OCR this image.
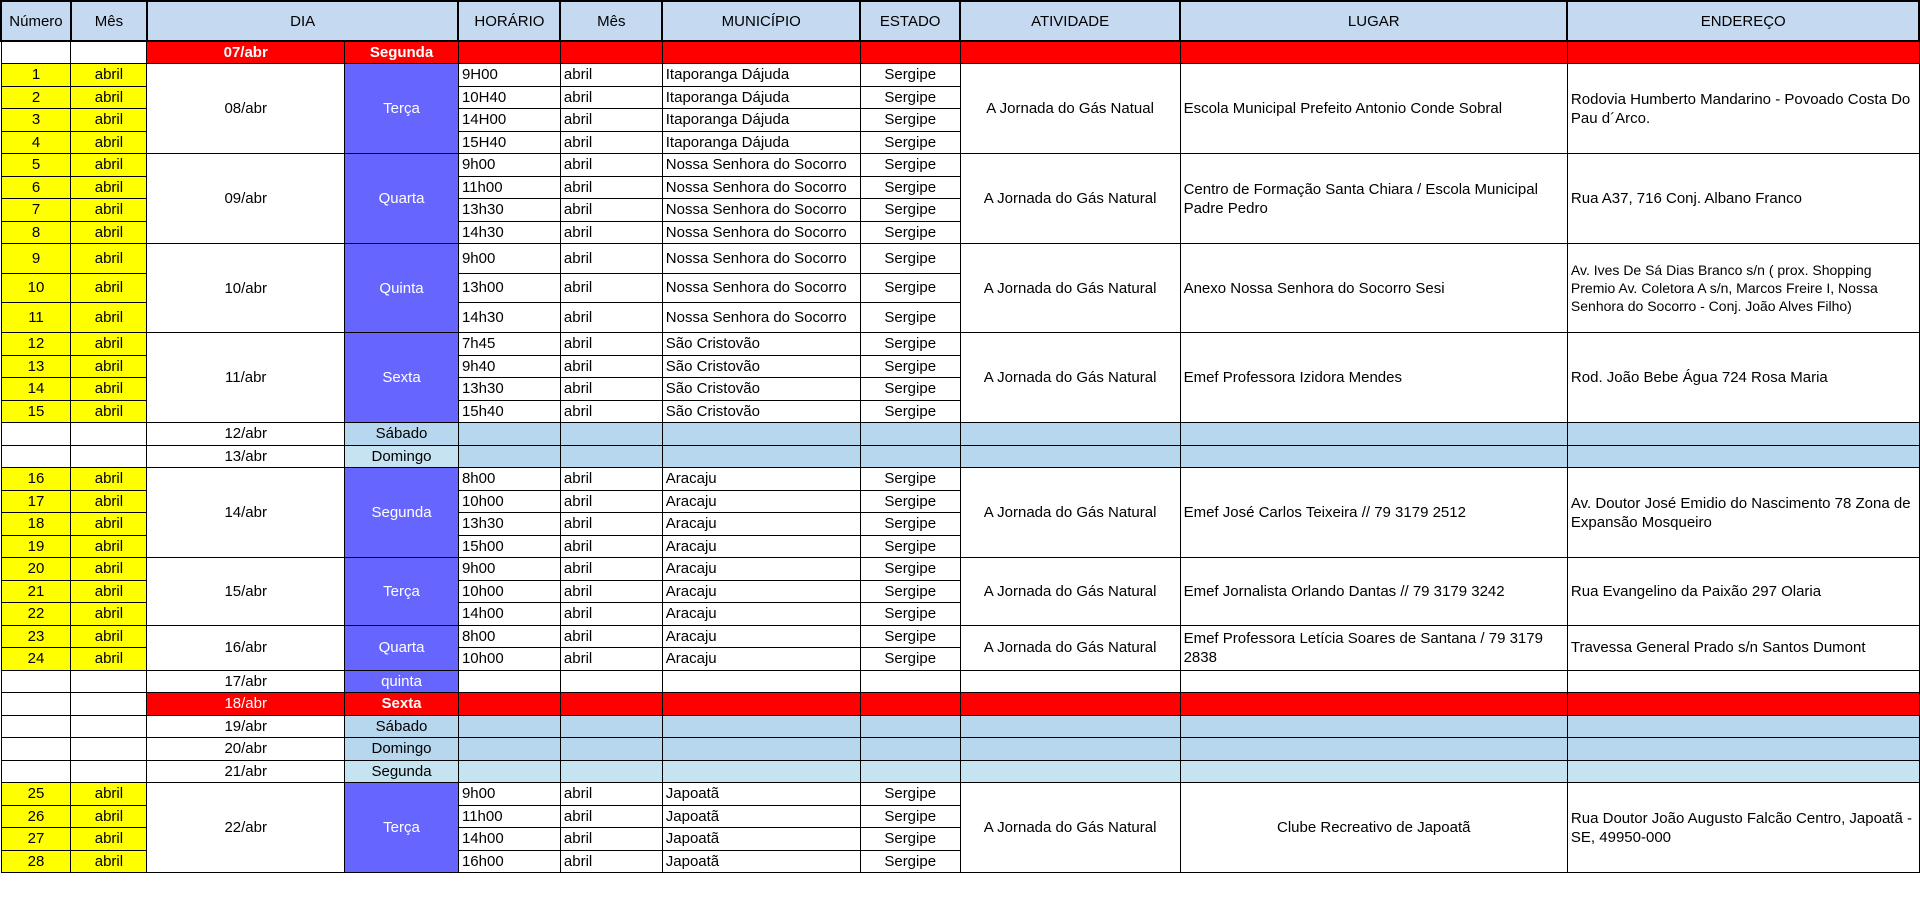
Número	Mês	DIA		HORÁRIO	Mês	MUNICÍPIO	ESTADO	ATIVIDADE	LUGAR	ENDEREÇO
		07/abr	Segunda							
1	abril	08/abr	Terça	9H00	abril	Itaporanga Dájuda	Sergipe	A Jornada do Gás Natual	Escola Municipal Prefeito Antonio Conde Sobral	Rodovia Humberto Mandarino - Povoado Costa Do Pau d´Arco.
2	abril			10H40	abril	Itaporanga Dájuda	Sergipe			
3	abril			14H00	abril	Itaporanga Dájuda	Sergipe			
4	abril			15H40	abril	Itaporanga Dájuda	Sergipe			
5	abril	09/abr	Quarta	9h00	abril	Nossa Senhora do Socorro	Sergipe	A Jornada do Gás Natural	Centro de Formação Santa Chiara / Escola Municipal Padre Pedro	Rua A37, 716 Conj. Albano Franco
6	abril			11h00	abril	Nossa Senhora do Socorro	Sergipe			
7	abril			13h30	abril	Nossa Senhora do Socorro	Sergipe			
8	abril			14h30	abril	Nossa Senhora do Socorro	Sergipe			
9	abril	10/abr	Quinta	9h00	abril	Nossa Senhora do Socorro	Sergipe	A Jornada do Gás Natural	Anexo Nossa Senhora do Socorro Sesi	Av. Ives De Sá Dias Branco s/n ( prox. Shopping Premio Av. Coletora A s/n, Marcos Freire I, Nossa Senhora do Socorro - Conj. João Alves Filho)
10	abril			13h00	abril	Nossa Senhora do Socorro	Sergipe			
11	abril			14h30	abril	Nossa Senhora do Socorro	Sergipe			
12	abril	11/abr	Sexta	7h45	abril	São Cristovão	Sergipe	A Jornada do Gás Natural	Emef Professora Izidora Mendes	Rod. João Bebe Água 724 Rosa Maria
13	abril			9h40	abril	São Cristovão	Sergipe			
14	abril			13h30	abril	São Cristovão	Sergipe			
15	abril			15h40	abril	São Cristovão	Sergipe			
		12/abr	Sábado							
		13/abr	Domingo							
16	abril	14/abr	Segunda	8h00	abril	Aracaju	Sergipe	A Jornada do Gás Natural	Emef José Carlos Teixeira // 79 3179 2512	Av. Doutor José Emidio do Nascimento 78 Zona de Expansão Mosqueiro
17	abril			10h00	abril	Aracaju	Sergipe			
18	abril			13h30	abril	Aracaju	Sergipe			
19	abril			15h00	abril	Aracaju	Sergipe			
20	abril	15/abr	Terça	9h00	abril	Aracaju	Sergipe	A Jornada do Gás Natural	Emef Jornalista Orlando Dantas // 79 3179 3242	Rua Evangelino da Paixão 297 Olaria
21	abril			10h00	abril	Aracaju	Sergipe			
22	abril			14h00	abril	Aracaju	Sergipe			
23	abril	16/abr	Quarta	8h00	abril	Aracaju	Sergipe	A Jornada do Gás Natural	Emef Professora Letícia Soares de Santana / 79 3179 2838	Travessa General Prado s/n Santos Dumont
24	abril			10h00	abril	Aracaju	Sergipe			
		17/abr	quinta							
		18/abr	Sexta							
		19/abr	Sábado							
		20/abr	Domingo							
		21/abr	Segunda							
25	abril	22/abr	Terça	9h00	abril	Japoatã	Sergipe	A Jornada do Gás Natural	Clube Recreativo de Japoatã	Rua Doutor João Augusto Falcão Centro, Japoatã - SE, 49950-000
26	abril			11h00	abril	Japoatã	Sergipe			
27	abril			14h00	abril	Japoatã	Sergipe			
28	abril			16h00	abril	Japoatã	Sergipe			
